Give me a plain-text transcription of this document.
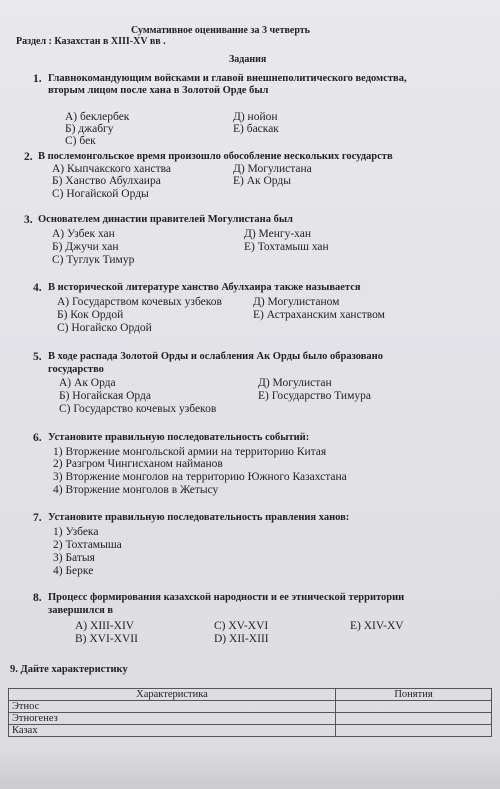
Суммативное оценивание за 3 четверть
Раздел : Казахстан в XIII-XV вв .
Задания
1. Главнокомандующим войсками и главой внешнеполитического ведомства,
вторым лицом после хана в Золотой Орде был
А) беклербек
Б) джабгу
С) бек
Д) нойон
Е) баскак
2. В послемонгольское время произошло обособление нескольких государств
А) Кыпчакского ханства
Б) Ханство Абулхаира
С) Ногайской Орды
Д) Могулистана
Е) Ак Орды
3. Основателем династии правителей Могулистана был
А) Узбек хан
Б) Джучи хан
С) Туглук Тимур
Д) Менгу-хан
Е) Тохтамыш хан
4. В исторической литературе ханство Абулхаира также называется
А) Государством кочевых узбеков
Б) Кок Ордой
С) Ногайско Ордой
Д) Могулистаном
Е) Астраханским ханством
5. В ходе распада Золотой Орды и ослабления Ак Орды было образовано
государство
А) Ак Орда
Б) Ногайская Орда
С) Государство кочевых узбеков
Д) Могулистан
Е) Государство Тимура
6. Установите правильную последовательность событий:
1) Вторжение монгольской армии на территорию Китая
2) Разгром Чингисханом найманов
3) Вторжение монголов на территорию Южного Казахстана
4) Вторжение монголов в Жетысу
7. Установите правильную последовательность правления ханов:
1) Узбека
2) Тохтамыша
3) Батыя
4) Берке
8. Процесс формирования казахской народности и ее этнической территории
завершился в
А) XIII-XIV
В) XVI-XVII
С) XV-XVI
D) XII-XIII
Е) XIV-XV
9. Дайте характеристику
Характеристика	Понятия
Этнос	
Этногенез	
Казах	
